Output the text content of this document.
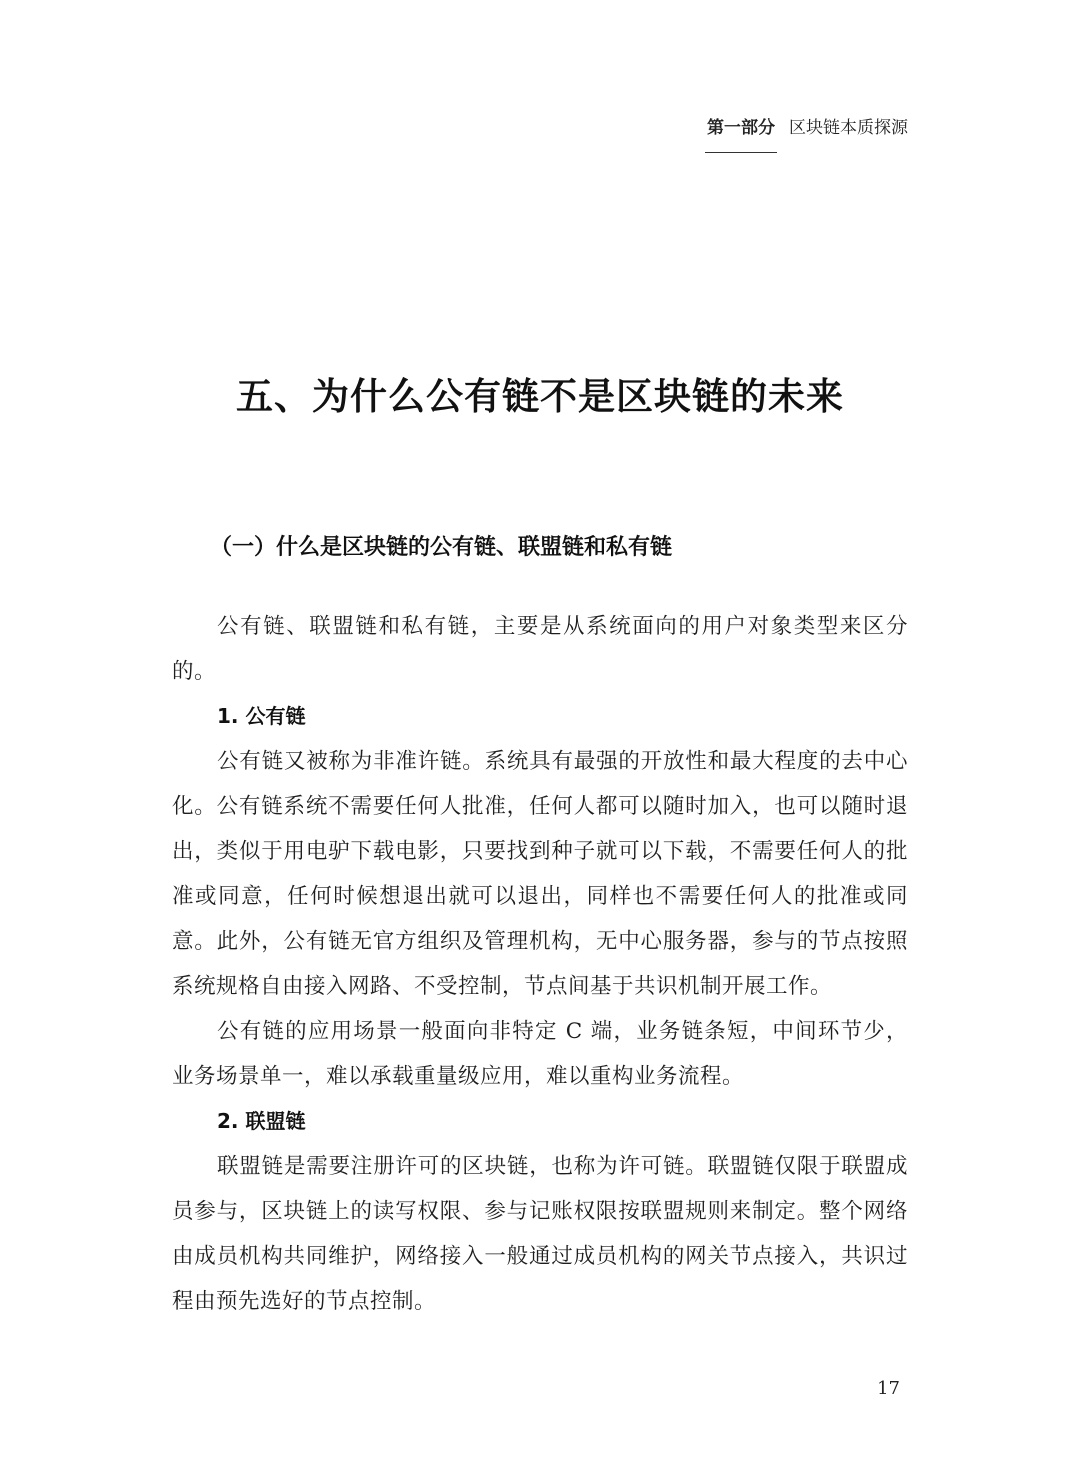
第一部分 区块链本质探源
五、为什么公有链不是区块链的未来
（一）什么是区块链的公有链、联盟链和私有链

公有链、联盟链和私有链，主要是从系统面向的用户对象类型来区分的。

1. 公有链

公有链又被称为非准许链。系统具有最强的开放性和最大程度的去中心化。公有链系统不需要任何人批准，任何人都可以随时加入，也可以随时退出，类似于用电驴下载电影，只要找到种子就可以下载，不需要任何人的批准或同意，任何时候想退出就可以退出，同样也不需要任何人的批准或同意。此外，公有链无官方组织及管理机构，无中心服务器，参与的节点按照系统规格自由接入网路、不受控制，节点间基于共识机制开展工作。

公有链的应用场景一般面向非特定 C 端，业务链条短，中间环节少，业务场景单一，难以承载重量级应用，难以重构业务流程。

2. 联盟链

联盟链是需要注册许可的区块链，也称为许可链。联盟链仅限于联盟成员参与，区块链上的读写权限、参与记账权限按联盟规则来制定。整个网络由成员机构共同维护，网络接入一般通过成员机构的网关节点接入，共识过程由预先选好的节点控制。

17
